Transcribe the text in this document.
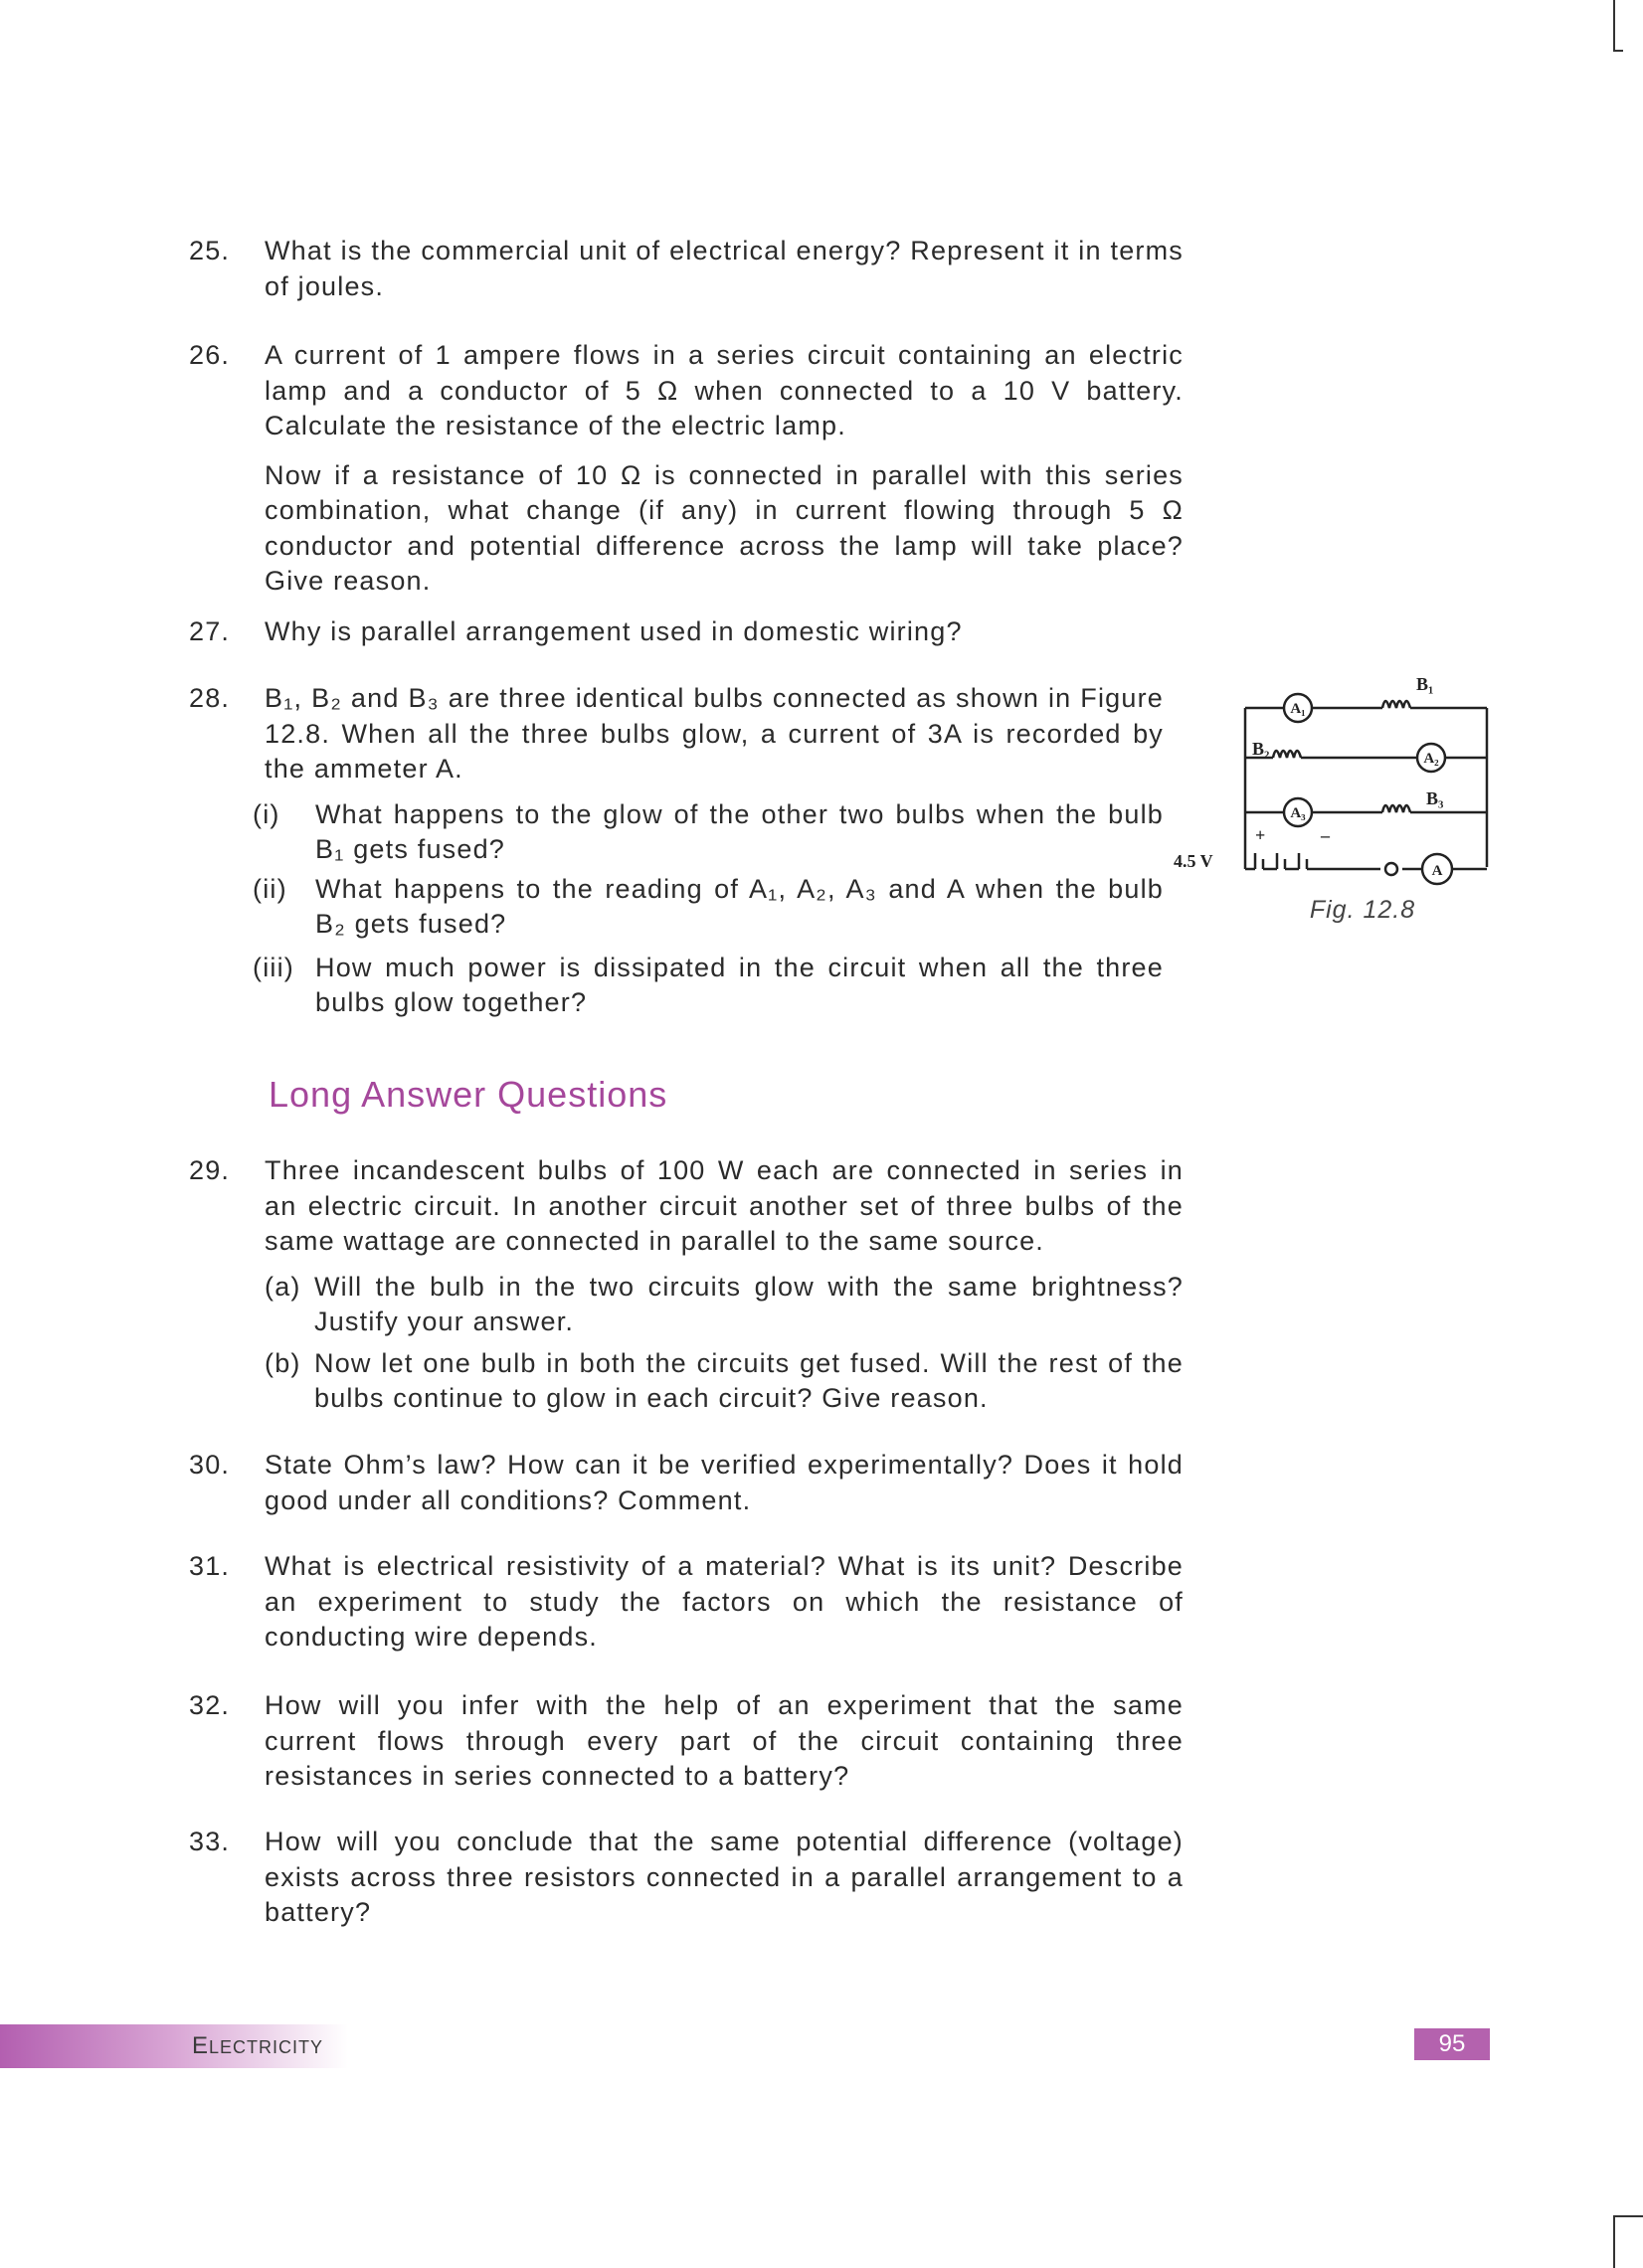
25. What is the commercial unit of electrical energy? Represent it in terms of joules.
26. A current of 1 ampere flows in a series circuit containing an electric lamp and a conductor of 5 Ω when connected to a 10 V battery. Calculate the resistance of the electric lamp.
Now if a resistance of 10 Ω is connected in parallel with this series combination, what change (if any) in current flowing through 5 Ω conductor and potential difference across the lamp will take place? Give reason.
27. Why is parallel arrangement used in domestic wiring?
28. B₁, B₂ and B₃ are three identical bulbs connected as shown in Figure 12.8. When all the three bulbs glow, a current of 3A is recorded by the ammeter A.
(i) What happens to the glow of the other two bulbs when the bulb B₁ gets fused?
(ii) What happens to the reading of A₁, A₂, A₃ and A when the bulb B₂ gets fused?
(iii) How much power is dissipated in the circuit when all the three bulbs glow together?
A₁
A₂
A₃
A
B₁
B₂
B₃
4.5 V
+	–
Fig. 12.8
Long Answer Questions
29. Three incandescent bulbs of 100 W each are connected in series in an electric circuit. In another circuit another set of three bulbs of the same wattage are connected in parallel to the same source.
(a) Will the bulb in the two circuits glow with the same brightness? Justify your answer.
(b) Now let one bulb in both the circuits get fused. Will the rest of the bulbs continue to glow in each circuit? Give reason.
30. State Ohm’s law? How can it be verified experimentally? Does it hold good under all conditions? Comment.
31. What is electrical resistivity of a material? What is its unit? Describe an experiment to study the factors on which the resistance of conducting wire depends.
32. How will you infer with the help of an experiment that the same current flows through every part of the circuit containing three resistances in series connected to a battery?
33. How will you conclude that the same potential difference (voltage) exists across three resistors connected in a parallel arrangement to a battery?
ELECTRICITY	95
